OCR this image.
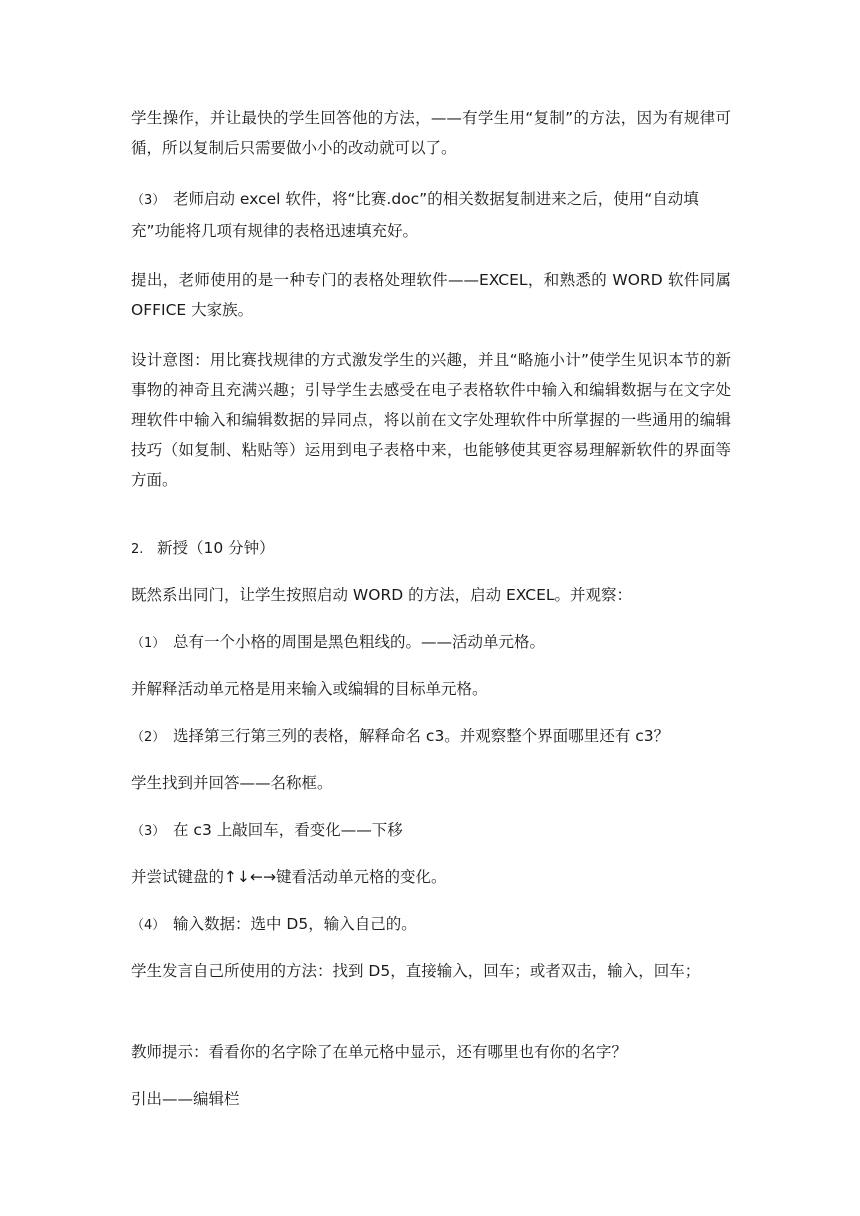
学生操作，并让最快的学生回答他的方法，——有学生用“复制”的方法，因为有规律可循，所以复制后只需要做小小的改动就可以了。

（3） 老师启动 excel 软件，将“比赛.doc”的相关数据复制进来之后，使用“自动填充”功能将几项有规律的表格迅速填充好。

提出，老师使用的是一种专门的表格处理软件——EXCEL，和熟悉的 WORD 软件同属 OFFICE 大家族。

设计意图：用比赛找规律的方式激发学生的兴趣，并且“略施小计”使学生见识本节的新事物的神奇且充满兴趣；引导学生去感受在电子表格软件中输入和编辑数据与在文字处理软件中输入和编辑数据的异同点，将以前在文字处理软件中所掌握的一些通用的编辑技巧（如复制、粘贴等）运用到电子表格中来，也能够使其更容易理解新软件的界面等方面。

2. 新授（10 分钟）

既然系出同门，让学生按照启动 WORD 的方法，启动 EXCEL。并观察：

（1） 总有一个小格的周围是黑色粗线的。——活动单元格。

并解释活动单元格是用来输入或编辑的目标单元格。

（2） 选择第三行第三列的表格，解释命名 c3。并观察整个界面哪里还有 c3？

学生找到并回答——名称框。

（3） 在 c3 上敲回车，看变化——下移

并尝试键盘的↑↓←→键看活动单元格的变化。

（4） 输入数据：选中 D5，输入自己的。

学生发言自己所使用的方法：找到 D5，直接输入，回车；或者双击，输入，回车；

教师提示：看看你的名字除了在单元格中显示，还有哪里也有你的名字？

引出——编辑栏
